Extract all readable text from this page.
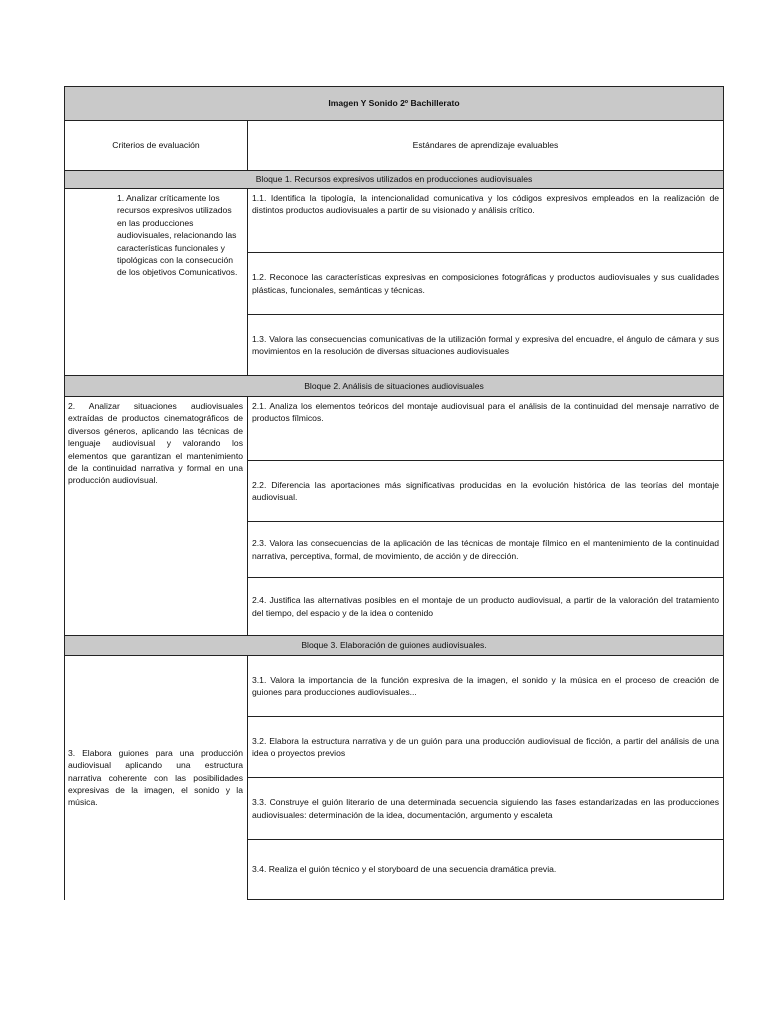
Imagen Y Sonido 2º Bachillerato	
Criterios de evaluación	Estándares de aprendizaje evaluables
Bloque 1. Recursos expresivos utilizados en producciones audiovisuales	
1. Analizar críticamente los recursos expresivos utilizados en las producciones audiovisuales, relacionando las características funcionales y tipológicas con la consecución de los objetivos Comunicativos.	1.1. Identifica la tipología, la intencionalidad comunicativa y los códigos expresivos empleados en la realización de distintos productos audiovisuales a partir de su visionado y análisis crítico.
	1.2. Reconoce las características expresivas en composiciones fotográficas y productos audiovisuales y sus cualidades plásticas, funcionales, semánticas y técnicas.
	1.3. Valora las consecuencias comunicativas de la utilización formal y expresiva del encuadre, el ángulo de cámara y sus movimientos en la resolución de diversas situaciones audiovisuales
Bloque 2. Análisis de situaciones audiovisuales	
2. Analizar situaciones audiovisuales extraídas de productos cinematográficos de diversos géneros, aplicando las técnicas de lenguaje audiovisual y valorando los elementos que garantizan el mantenimiento de la continuidad narrativa y formal en una producción audiovisual.	2.1. Analiza los elementos teóricos del montaje audiovisual para el análisis de la continuidad del mensaje narrativo de productos fílmicos.
	2.2. Diferencia las aportaciones más significativas producidas en la evolución histórica de las teorías del montaje audiovisual.
	2.3. Valora las consecuencias de la aplicación de las técnicas de montaje fílmico en el mantenimiento de la continuidad narrativa, perceptiva, formal, de movimiento, de acción y de dirección.
	2.4. Justifica las alternativas posibles en el montaje de un producto audiovisual, a partir de la valoración del tratamiento del tiempo, del espacio y de la idea o contenido
Bloque 3. Elaboración de guiones audiovisuales.	
3. Elabora guiones para una producción audiovisual aplicando una estructura narrativa coherente con las posibilidades expresivas de la imagen, el sonido y la música.	3.1. Valora la importancia de la función expresiva de la imagen, el sonido y la música en el proceso de creación de guiones para producciones audiovisuales...
	3.2. Elabora la estructura narrativa y de un guión para una producción audiovisual de ficción, a partir del análisis de una idea o proyectos previos
	3.3. Construye el guión literario de una determinada secuencia siguiendo las fases estandarizadas en las producciones audiovisuales: determinación de la idea, documentación, argumento y escaleta
	3.4. Realiza el guión técnico y el storyboard de una secuencia dramática previa.
